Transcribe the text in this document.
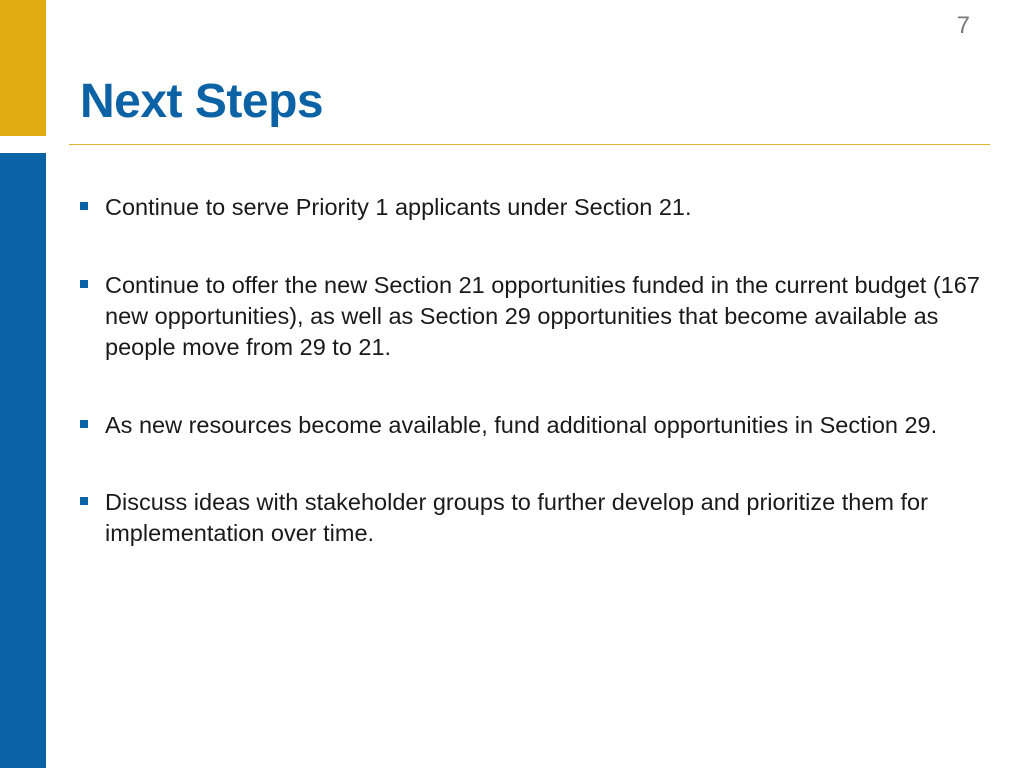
7
Next Steps
Continue to serve Priority 1 applicants under Section 21.
Continue to offer the new Section 21 opportunities funded in the current budget (167 new opportunities), as well as Section 29 opportunities that become available as people move from 29 to 21.
As new resources become available, fund additional opportunities in Section 29.
Discuss ideas with stakeholder groups to further develop and prioritize them for implementation over time.
